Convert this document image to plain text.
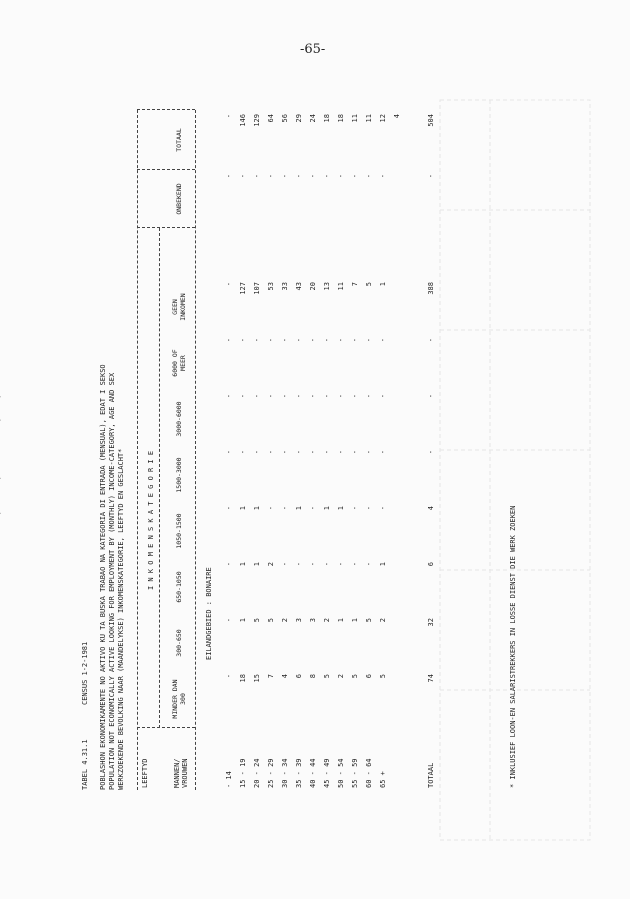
-65-
TABEL 4.31.1
CENSUS 1-2-1981 POBLASHON EKONOMIKAMENTE NO AKTIVO KU TA BUSKA TRABAO NA KATEGORIA DI ENTRADA (MENSUAL), EDAT I SEKSO POPULATION NOT ECONOMICALLY ACTIVE LOOKING FOR EMPLOYMENT BY (MONTHLY) INCOME-CATEGORY, AGE AND SEX WERKZOEKENDE BEVOLKING NAAR (MAANDELYKSE) INKOMENSKATEGORIE, LEEFTYD EN GESLACHT* LEEFTYD	MANNEN/ VROUWEN
I N K O M E N S K A T E G O R I E
MINDER DAN 300
300-650
650-1050
1050-1500
1500-3000
3000-6000
6000 OF MEER
GEEN INKOMEN
ONBEKEND
TOTAAL
EILANDGEBIED : BONAIRE
- 14
-
-
-
-
-
-
-
-
-
-
15 - 19
18
1
1
1
-
-
-
127
-
146
20 - 24
15
5
1
1
-
-
-
107
-
129
25 - 29
7
5
2
-
-
-
-
53
-
64
30 - 34
4
2
-
-
-
-
-
33
-
56
35 - 39
6
3
-
1
-
-
-
43
-
29
40 - 44
8
3
-
-
-
-
-
20
-
24
45 - 49
5
2
-
1
-
-
-
13
-
18
50 - 54
2
1
-
1
-
-
-
11
-
18
55 - 59
5
1
-
-
-
-
-
7
-
11
60 - 64
6
5
-
-
-
-
-
5
-
11
65 +
5
2
1
-
-
-
-
1
-
12 4
TOTAAL
74
32
6
4
-
-
-
388
-
504
* INKLUSIEF LOON-EN SALARISTREKKERS IN LOSSE DIENST DIE WERK ZOEKEN
